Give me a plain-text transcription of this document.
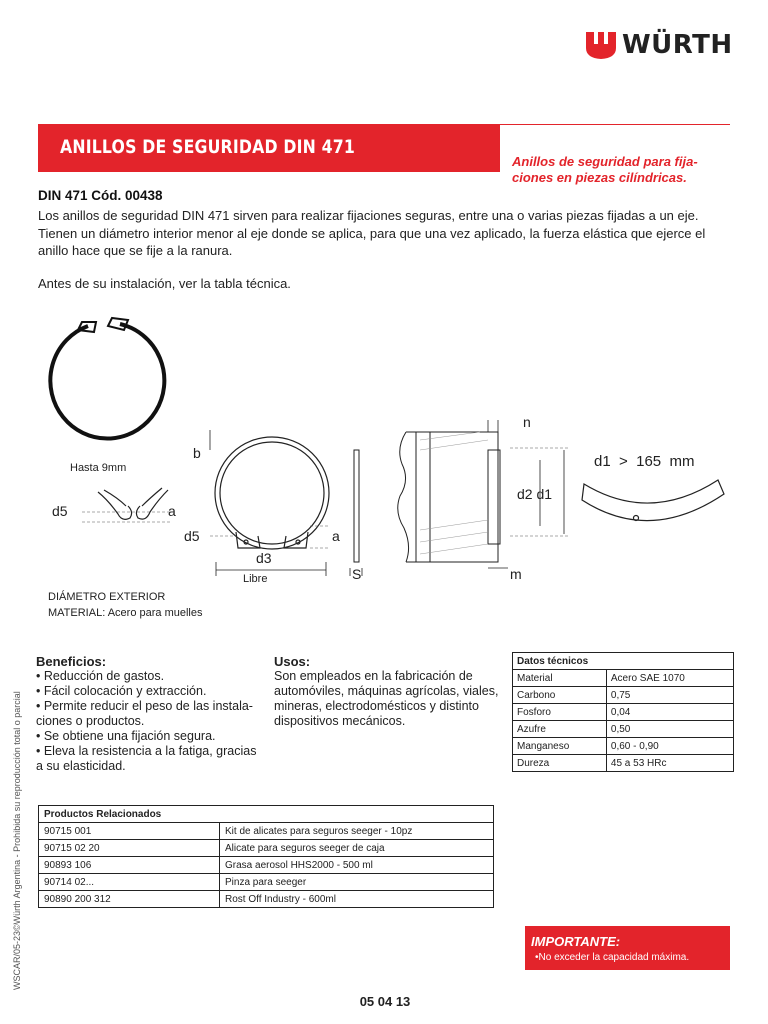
WÜRTH
ANILLOS DE SEGURIDAD DIN 471
Anillos de seguridad para fija-ciones en piezas cilíndricas.
DIN 471 Cód. 00438
Los anillos de seguridad DIN 471 sirven para realizar fijaciones seguras, entre una o varias piezas fijadas a un eje. Tienen un diámetro interior menor al eje donde se aplica, para que una vez aplicado, la fuerza elástica que ejerce el anillo hace que se fije a la ranura.
Antes de su instalación, ver la tabla técnica.
Hasta 9mm
d5	a
b
d5	a
d3
Libre	S
n
m
d2 d1
d1  >  165  mm
DIÁMETRO EXTERIOR
MATERIAL: Acero para muelles
Beneficios:

• Reducción de gastos.

• Fácil colocación y extracción.

• Permite reducir el peso de las instala-ciones o productos.

• Se obtiene una fijación segura.

• Eleva la resistencia a la fatiga, gracias a su elasticidad.

Usos:
Son empleados en la fabricación de automóviles, máquinas agrícolas, viales, mineras, electrodomésticos y distinto dispositivos mecánicos.
Datos técnicos	
Material	Acero SAE 1070
Carbono	0,75
Fosforo	0,04
Azufre	0,50
Manganeso	0,60 - 0,90
Dureza	45 a 53 HRc
Productos Relacionados	
90715 001	Kit de alicates para seguros seeger - 10pz
90715 02 20	Alicate para seguros seeger de caja
90893 106	Grasa aerosol HHS2000 - 500 ml
90714 02...	Pinza para seeger
90890 200 312	Rost Off Industry - 600ml
IMPORTANTE:
•No exceder la capacidad máxima.
WSCAR/05-23©Würth Argentina - Prohibida su reproducción total o parcial
05 04 13
